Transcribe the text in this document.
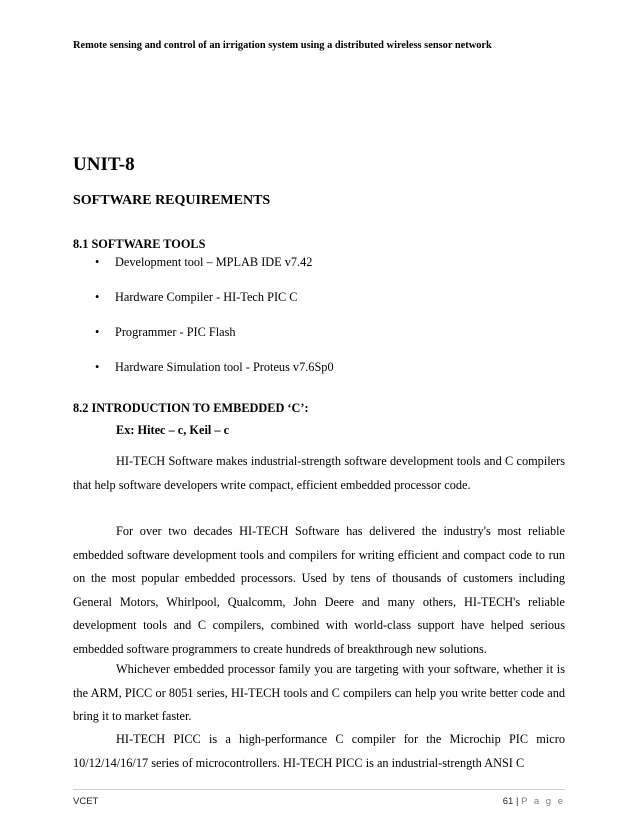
Remote sensing and control of an irrigation system using a distributed wireless sensor network
UNIT-8
SOFTWARE REQUIREMENTS
8.1 SOFTWARE TOOLS
• Development tool – MPLAB IDE v7.42
• Hardware Compiler - HI-Tech PIC C
• Programmer - PIC Flash
• Hardware Simulation tool - Proteus v7.6Sp0
8.2 INTRODUCTION TO EMBEDDED ‘C’:
Ex: Hitec – c, Keil – c

HI-TECH Software makes industrial-strength software development tools and C compilers that help software developers write compact, efficient embedded processor code.

For over two decades HI-TECH Software has delivered the industry's most reliable embedded software development tools and compilers for writing efficient and compact code to run on the most popular embedded processors. Used by tens of thousands of customers including General Motors, Whirlpool, Qualcomm, John Deere and many others, HI-TECH's reliable development tools and C compilers, combined with world-class support have helped serious embedded software programmers to create hundreds of breakthrough new solutions.

Whichever embedded processor family you are targeting with your software, whether it is the ARM, PICC or 8051 series, HI-TECH tools and C compilers can help you write better code and bring it to market faster.

HI-TECH PICC is a high-performance C compiler for the Microchip PIC micro 10/12/14/16/17 series of microcontrollers. HI-TECH PICC is an industrial-strength ANSI C

VCET	61 | P a g e
